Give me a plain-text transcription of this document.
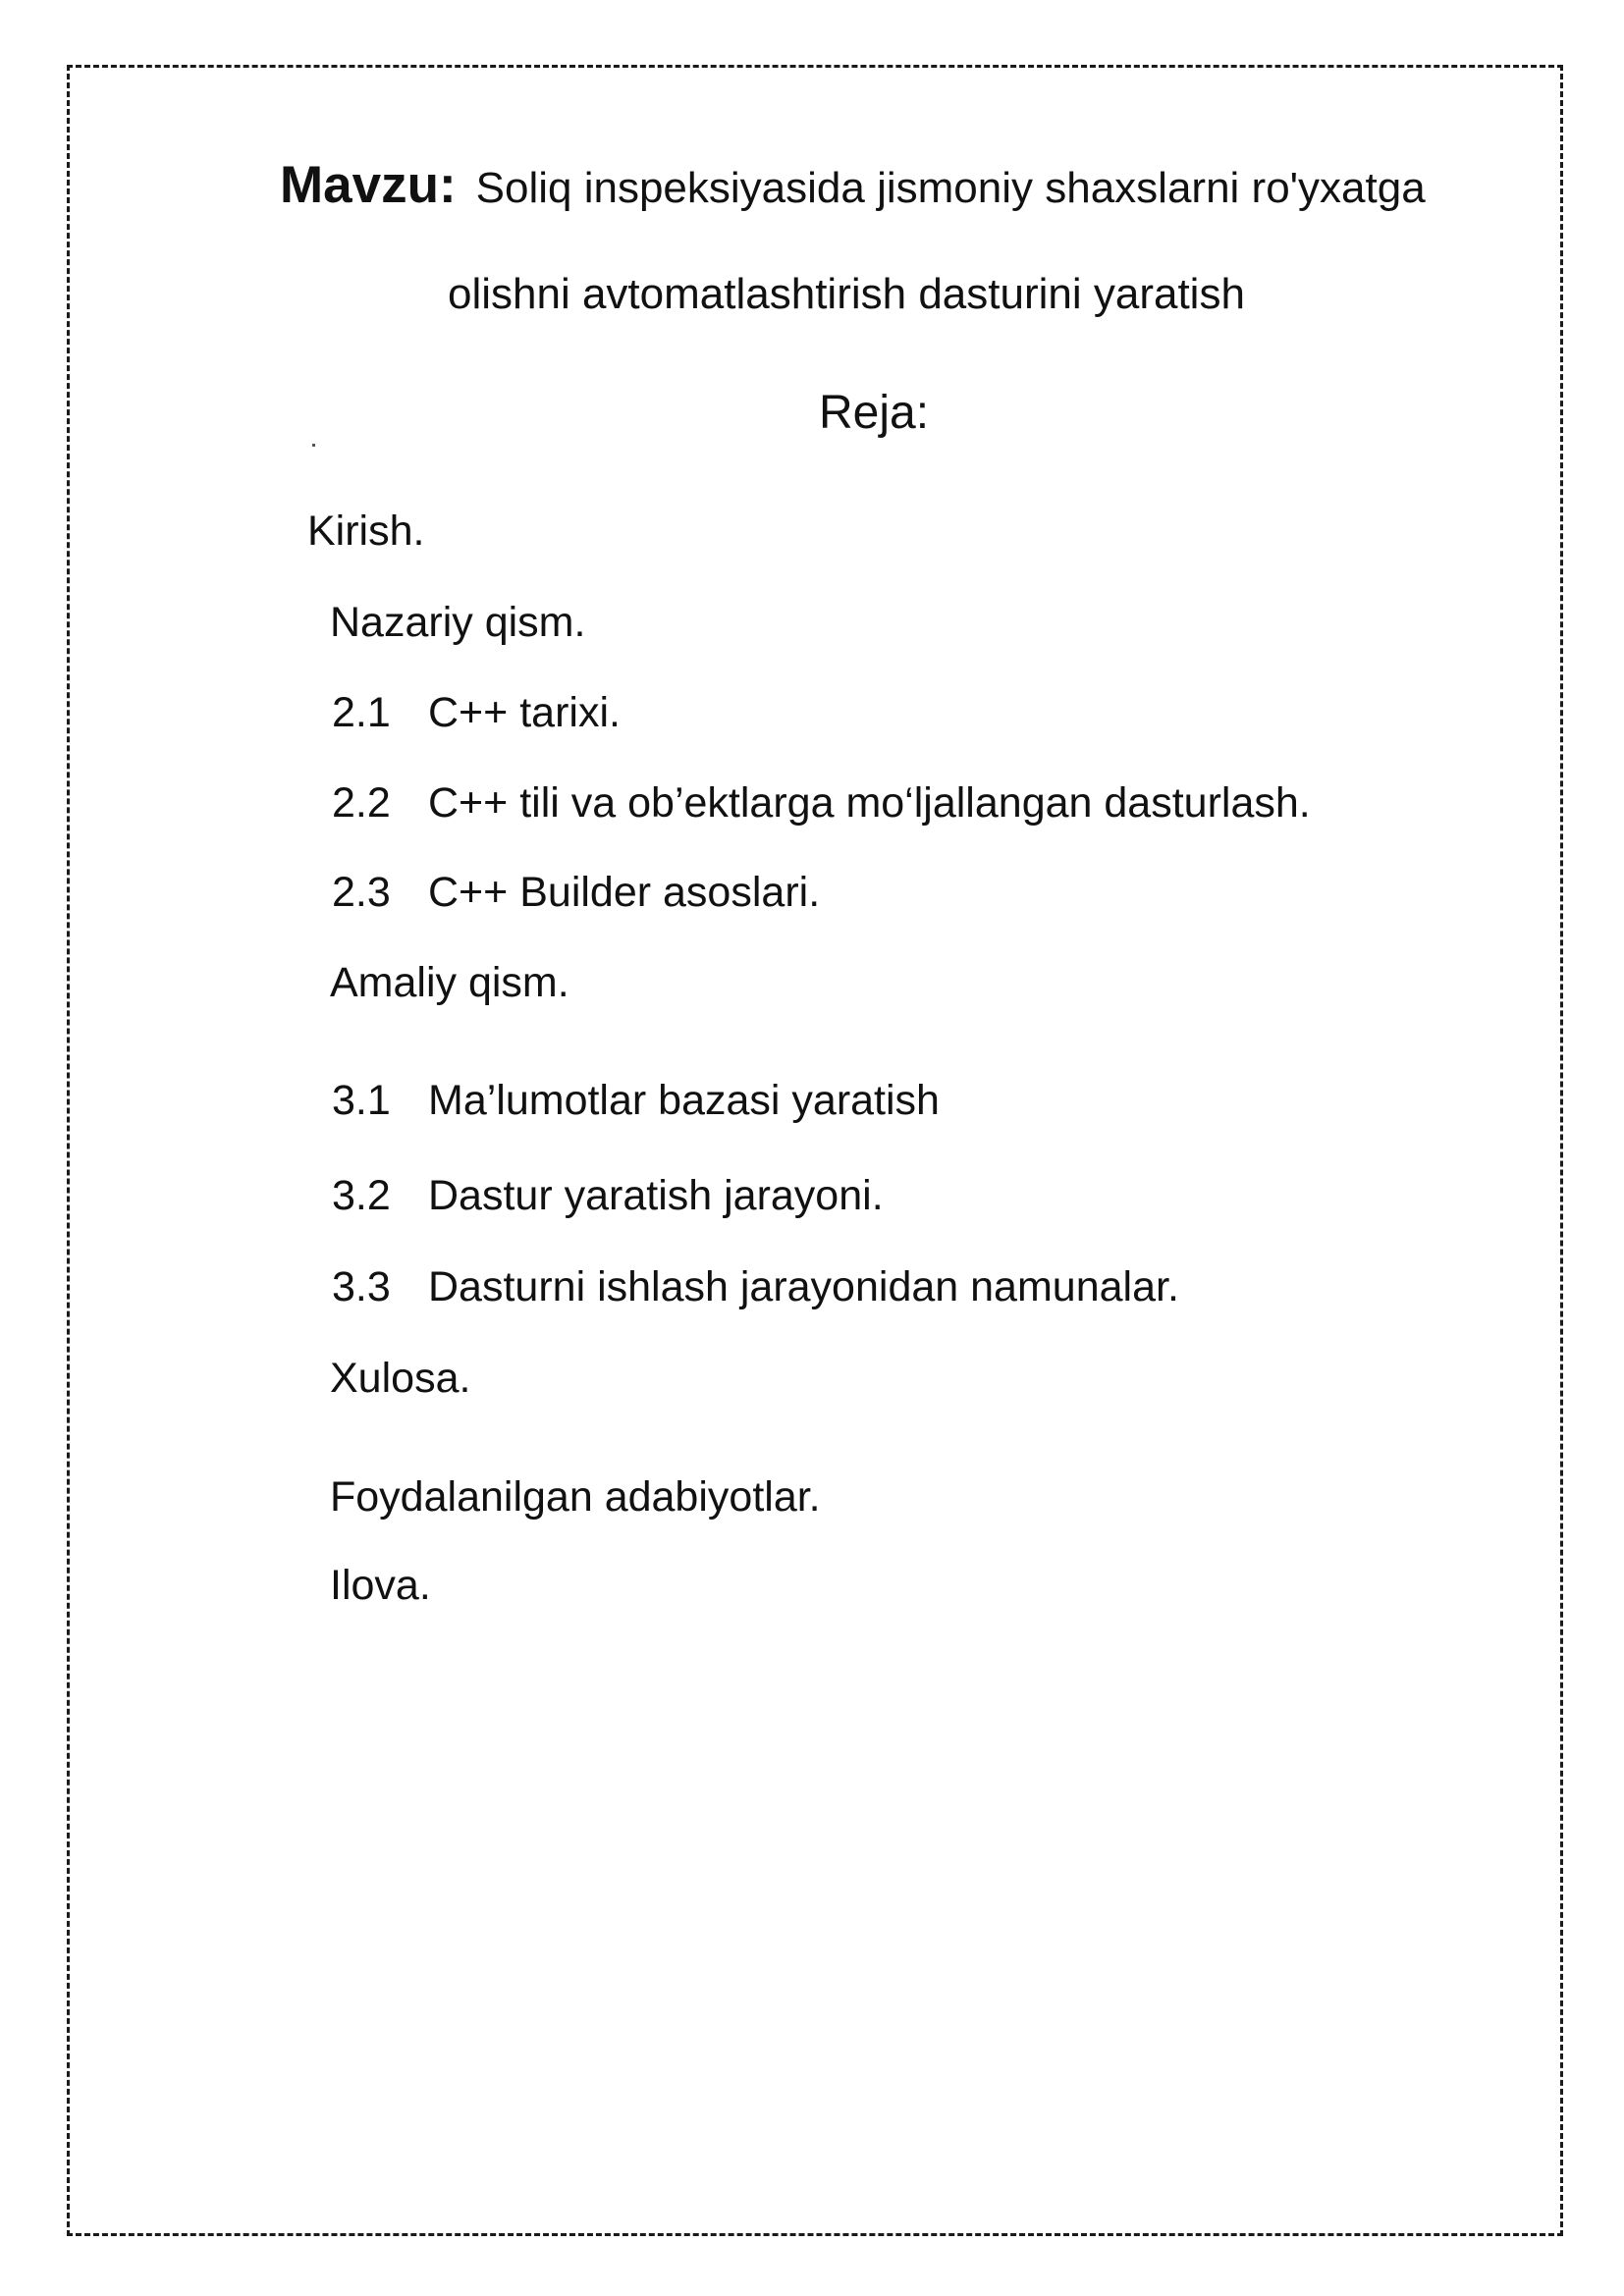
Mavzu: Soliq inspeksiyasida jismoniy shaxslarni ro'yxatga
olishni avtomatlashtirish dasturini yaratish
Reja:
Kirish.
Nazariy qism.
2.1 C++ tarixi.
2.2 C++ tili va ob’ektlarga mo‘ljallangan dasturlash.
2.3 C++ Builder asoslari.
Amaliy qism.
3.1 Ma’lumotlar bazasi yaratish
3.2 Dastur yaratish jarayoni.
3.3 Dasturni ishlash jarayonidan namunalar.
Xulosa.
Foydalanilgan adabiyotlar.
Ilova.
